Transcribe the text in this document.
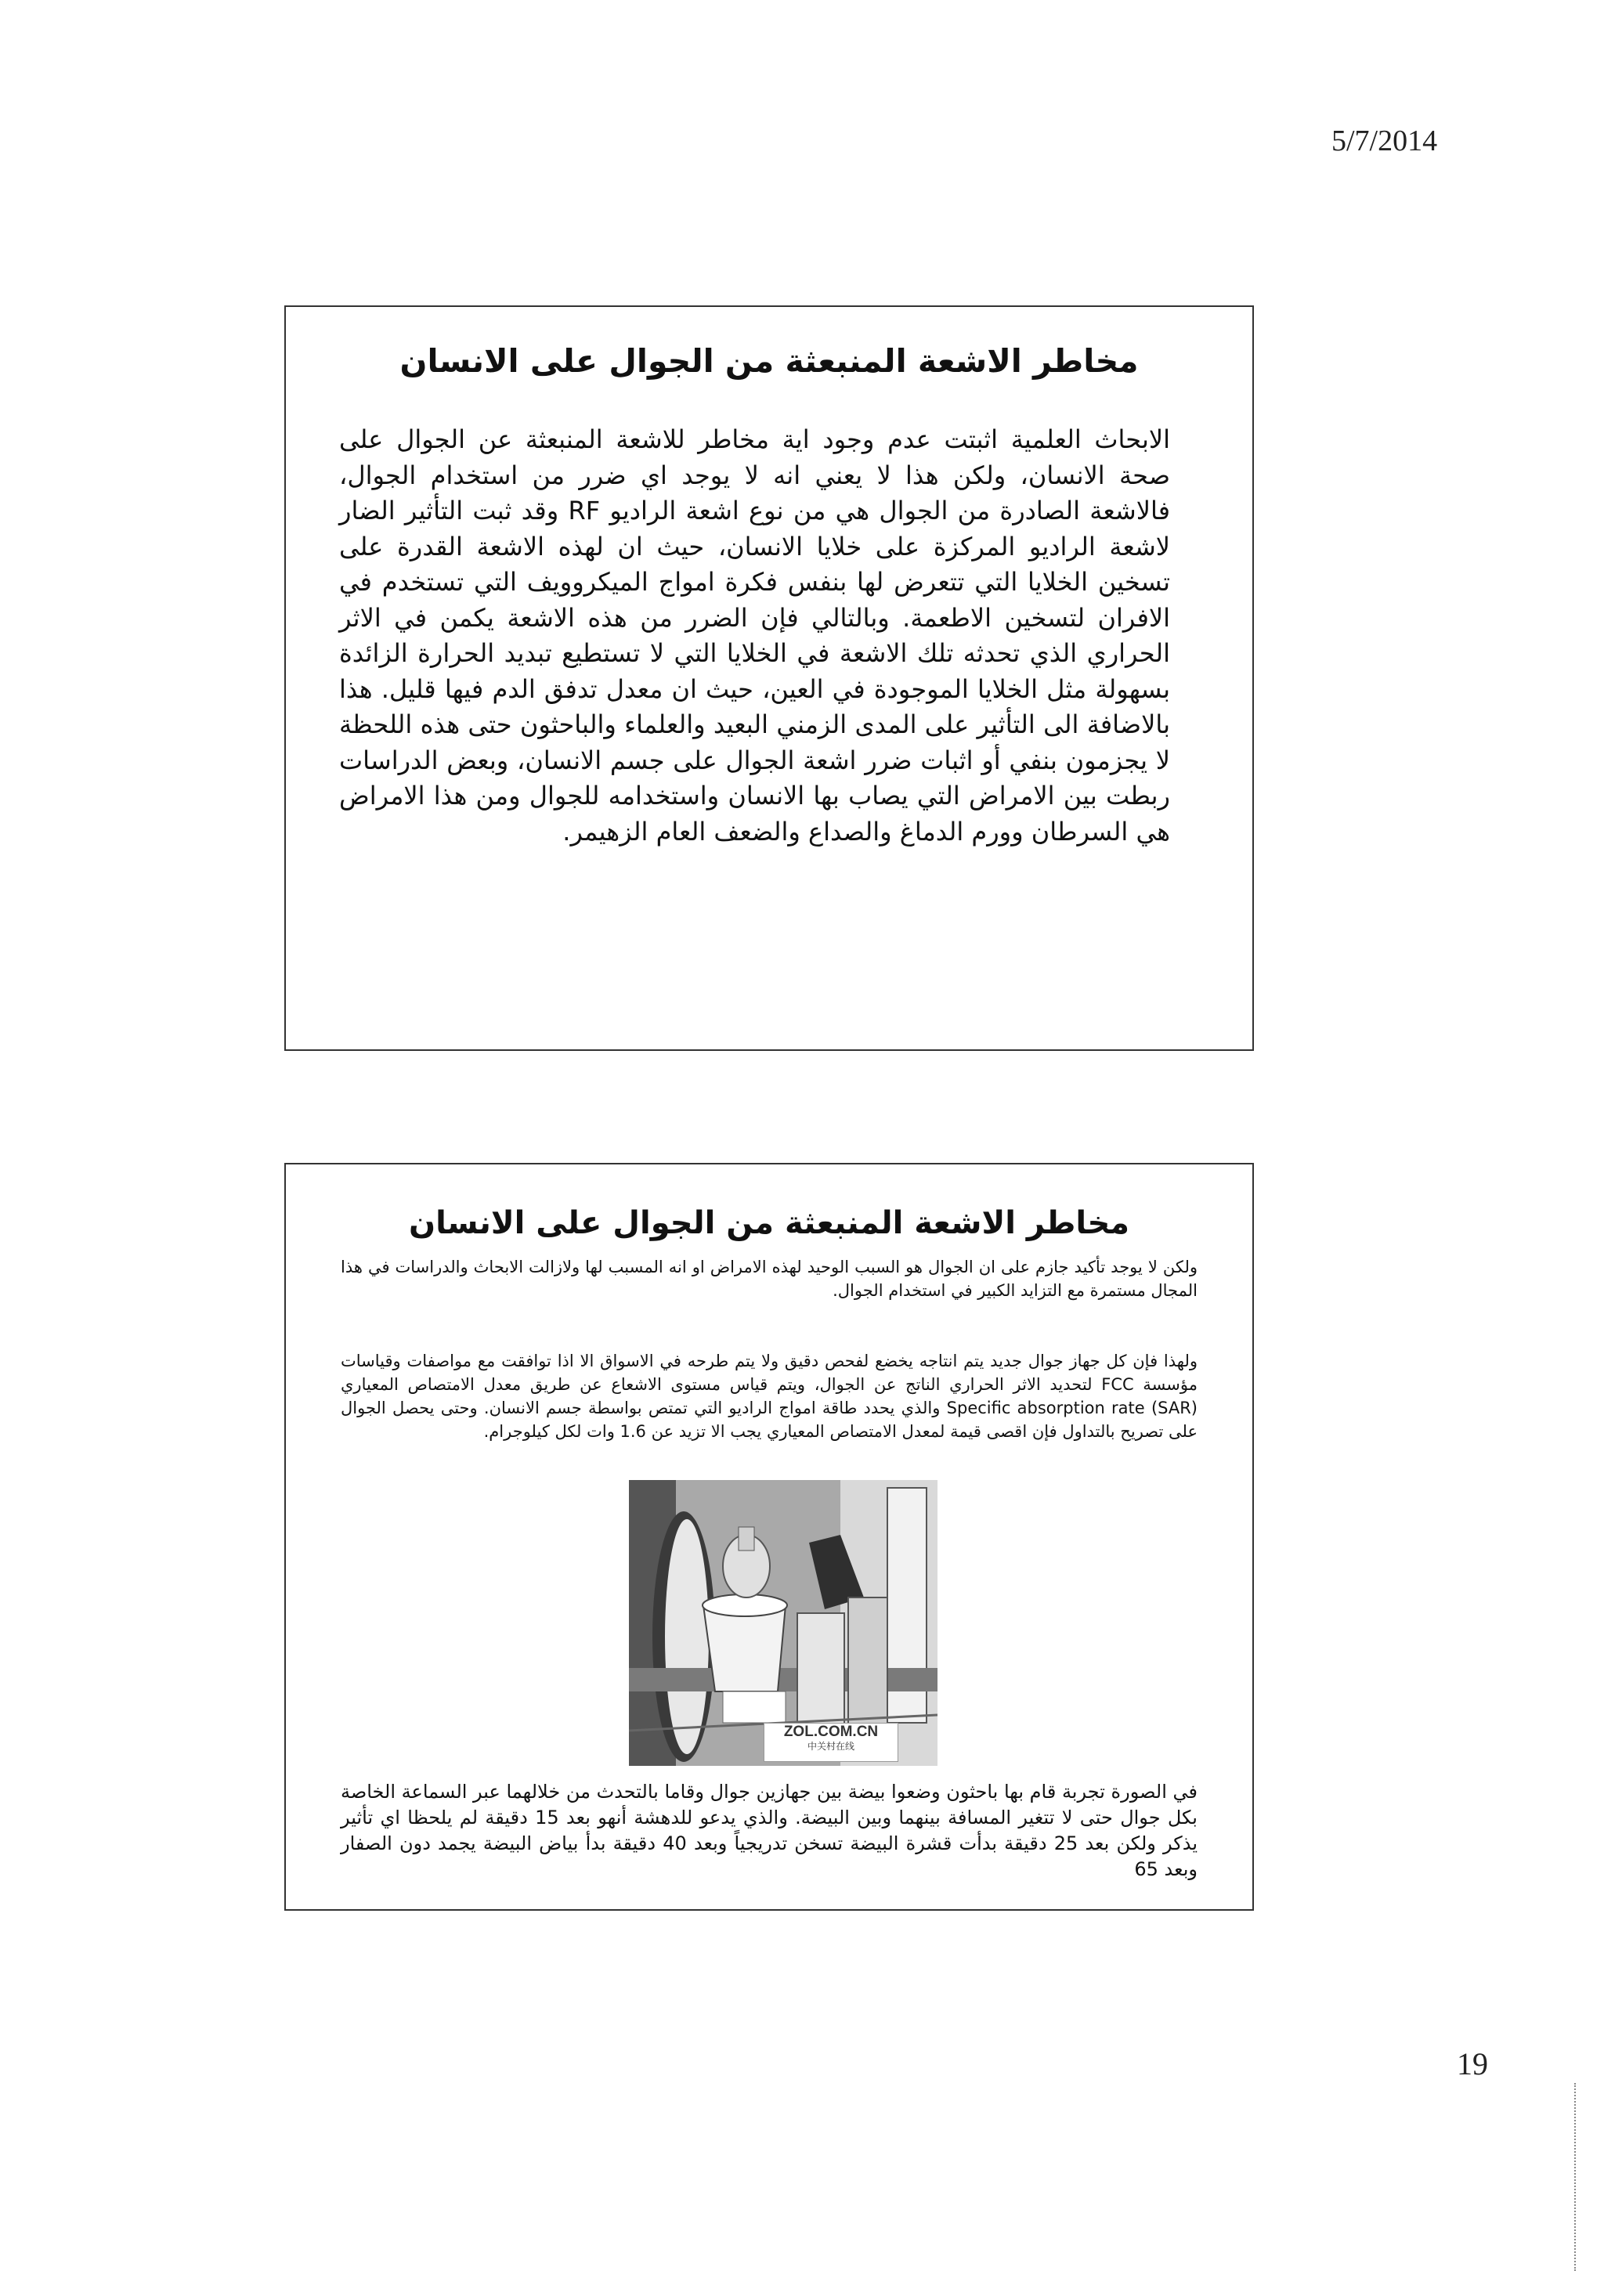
5/7/2014
مخاطر الاشعة المنبعثة من الجوال على الانسان

الابحاث العلمية اثبتت عدم وجود اية مخاطر للاشعة المنبعثة عن الجوال على صحة الانسان، ولكن هذا لا يعني انه لا يوجد اي ضرر من استخدام الجوال، فالاشعة الصادرة من الجوال هي من نوع اشعة الراديو RF وقد ثبت التأثير الضار لاشعة الراديو المركزة على خلايا الانسان، حيث ان لهذه الاشعة القدرة على تسخين الخلايا التي تتعرض لها بنفس فكرة امواج الميكروويف التي تستخدم في الافران لتسخين الاطعمة. وبالتالي فإن الضرر من هذه الاشعة يكمن في الاثر الحراري الذي تحدثه تلك الاشعة في الخلايا التي لا تستطيع تبديد الحرارة الزائدة بسهولة مثل الخلايا الموجودة في العين، حيث ان معدل تدفق الدم فيها قليل. هذا بالاضافة الى التأثير على المدى الزمني البعيد والعلماء والباحثون حتى هذه اللحظة لا يجزمون بنفي أو اثبات ضرر اشعة الجوال على جسم الانسان، وبعض الدراسات ربطت بين الامراض التي يصاب بها الانسان واستخدامه للجوال ومن هذا الامراض هي السرطان وورم الدماغ والصداع والضعف العام الزهيمر.

مخاطر الاشعة المنبعثة من الجوال على الانسان

ولكن لا يوجد تأكيد جازم على ان الجوال هو السبب الوحيد لهذه الامراض او انه المسبب لها ولازالت الابحاث والدراسات في هذا المجال مستمرة مع التزايد الكبير في استخدام الجوال.

ولهذا فإن كل جهاز جوال جديد يتم انتاجه يخضع لفحص دقيق ولا يتم طرحه في الاسواق الا اذا توافقت مع مواصفات وقياسات مؤسسة FCC لتحديد الاثر الحراري الناتج عن الجوال، ويتم قياس مستوى الاشعاع عن طريق معدل الامتصاص المعياري Specific absorption rate (SAR) والذي يحدد طاقة امواج الراديو التي تمتص بواسطة جسم الانسان. وحتى يحصل الجوال على تصريح بالتداول فإن اقصى قيمة لمعدل الامتصاص المعياري يجب الا تزيد عن 1.6 وات لكل كيلوجرام.

ZOL.COM.CN
中关村在线

في الصورة تجربة قام بها باحثون وضعوا بيضة بين جهازين جوال وقاما بالتحدث من خلالهما عبر السماعة الخاصة بكل جوال حتى لا تتغير المسافة بينهما وبين البيضة. والذي يدعو للدهشة أنهو بعد 15 دقيقة لم يلحظا اي تأثير يذكر ولكن بعد 25 دقيقة بدأت قشرة البيضة تسخن تدريجياً وبعد 40 دقيقة بدأ بياض البيضة يجمد دون الصفار وبعد 65

19
